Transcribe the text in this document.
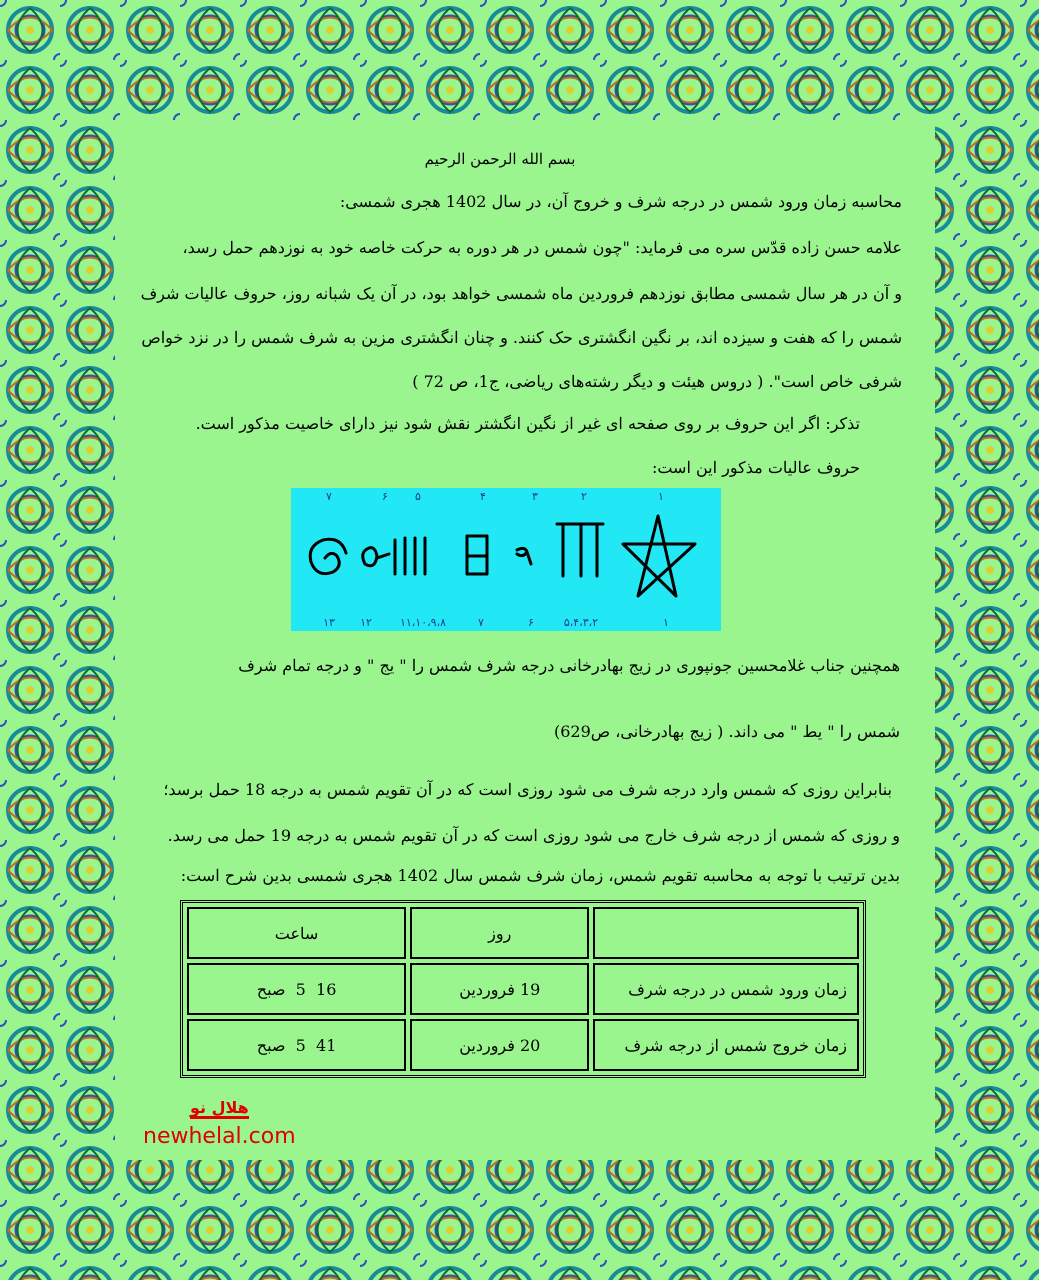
بسم الله الرحمن الرحيم
محاسبه زمان ورود شمس در درجه شرف و خروج آن، در سال 1402 هجری شمسی:
علامه حسن زاده قدّس سره می فرماید: "چون شمس در هر دوره به حرکت خاصه خود به نوزدهم حمل رسد،
و آن در هر سال شمسی مطابق نوزدهم فروردین ماه شمسی خواهد بود، در آن یک شبانه روز، حروف عالیات شرف
شمس را که هفت و سیزده اند، بر نگین انگشتری حک کنند. و چنان انگشتری مزین به شرف شمس را در نزد خواص
شرفی خاص است". ( دروس هیئت و دیگر رشته‌های ریاضی، ج1، ص 72 )
تذکر: اگر این حروف بر روی صفحه ای غیر از نگین انگشتر نقش شود نیز دارای خاصیت مذکور است.
حروف عالیات مذکور این است:
۷	۶ ۵	۴	۳	۲	۱
۱۳ ۱۲	۱۱،۱۰،۹،۸	۷	۶	۵،۴،۳،۲	۱
همچنین جناب غلامحسین جونپوری در زیج بهادرخانی درجه شرف شمس را " یج " و درجه تمام شرف
شمس را " یط " می داند. ( زیج بهادرخانی، ص629)
بنابراین روزی که شمس وارد درجه شرف می شود روزی است که در آن تقویم شمس به درجه 18 حمل برسد؛
و روزی که شمس از درجه شرف خارج می شود روزی است که در آن تقویم شمس به درجه 19 حمل می رسد.
بدین ترتیب با توجه به محاسبه تقویم شمس، زمان شرف شمس سال 1402 هجری شمسی بدین شرح است:
	روز	ساعت
زمان ورود شمس در درجه شرف	19 فروردین	16  5  صبح
زمان خروج شمس از درجه شرف	20 فروردین	41  5  صبح
هلال نو
newhelal.com
